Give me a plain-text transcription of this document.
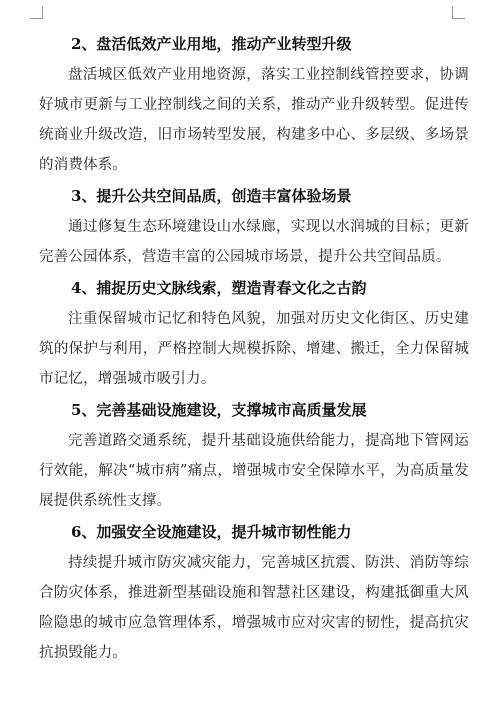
2、盘活低效产业用地，推动产业转型升级
盘活城区低效产业用地资源，落实工业控制线管控要求，协调好城市更新与工业控制线之间的关系，推动产业升级转型。促进传统商业升级改造，旧市场转型发展，构建多中心、多层级、多场景的消费体系。
3、提升公共空间品质，创造丰富体验场景
通过修复生态环境建设山水绿廊，实现以水润城的目标；更新完善公园体系，营造丰富的公园城市场景，提升公共空间品质。
4、捕捉历史文脉线索，塑造青春文化之古韵
注重保留城市记忆和特色风貌，加强对历史文化街区、历史建筑的保护与利用，严格控制大规模拆除、增建、搬迁，全力保留城市记忆，增强城市吸引力。
5、完善基础设施建设，支撑城市高质量发展
完善道路交通系统，提升基础设施供给能力，提高地下管网运行效能，解决“城市病”痛点，增强城市安全保障水平，为高质量发展提供系统性支撑。
6、加强安全设施建设，提升城市韧性能力
持续提升城市防灾减灾能力，完善城区抗震、防洪、消防等综合防灾体系，推进新型基础设施和智慧社区建设，构建抵御重大风险隐患的城市应急管理体系，增强城市应对灾害的韧性，提高抗灾抗损毁能力。
